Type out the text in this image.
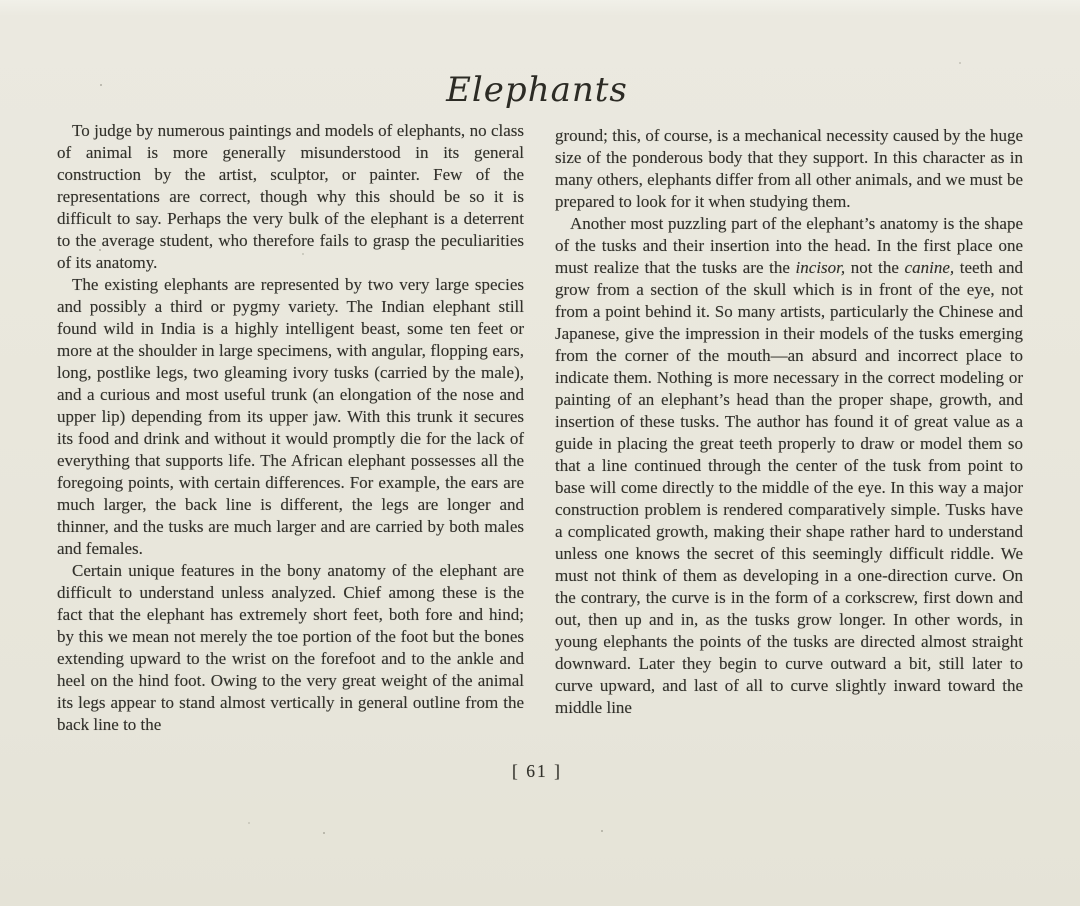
Elephants

To judge by numerous paintings and models of elephants, no class of animal is more generally misunderstood in its general construction by the artist, sculptor, or painter. Few of the representations are correct, though why this should be so it is difficult to say. Perhaps the very bulk of the elephant is a deterrent to the average student, who therefore fails to grasp the peculiarities of its anatomy.

The existing elephants are represented by two very large species and possibly a third or pygmy variety. The Indian elephant still found wild in India is a highly intelligent beast, some ten feet or more at the shoulder in large specimens, with angular, flopping ears, long, postlike legs, two gleaming ivory tusks (carried by the male), and a curious and most useful trunk (an elongation of the nose and upper lip) depending from its upper jaw. With this trunk it secures its food and drink and without it would promptly die for the lack of everything that supports life. The African elephant possesses all the foregoing points, with certain differences. For example, the ears are much larger, the back line is different, the legs are longer and thinner, and the tusks are much larger and are carried by both males and females.

Certain unique features in the bony anatomy of the elephant are difficult to understand unless analyzed. Chief among these is the fact that the elephant has extremely short feet, both fore and hind; by this we mean not merely the toe portion of the foot but the bones extending upward to the wrist on the forefoot and to the ankle and heel on the hind foot. Owing to the very great weight of the animal its legs appear to stand almost vertically in general outline from the back line to the

ground; this, of course, is a mechanical necessity caused by the huge size of the ponderous body that they support. In this character as in many others, elephants differ from all other animals, and we must be prepared to look for it when studying them.

Another most puzzling part of the elephant’s anatomy is the shape of the tusks and their insertion into the head. In the first place one must realize that the tusks are the incisor, not the canine, teeth and grow from a section of the skull which is in front of the eye, not from a point behind it. So many artists, particularly the Chinese and Japanese, give the impression in their models of the tusks emerging from the corner of the mouth—an absurd and incorrect place to indicate them. Nothing is more necessary in the correct modeling or painting of an elephant’s head than the proper shape, growth, and insertion of these tusks. The author has found it of great value as a guide in placing the great teeth properly to draw or model them so that a line continued through the center of the tusk from point to base will come directly to the middle of the eye. In this way a major construction problem is rendered comparatively simple. Tusks have a complicated growth, making their shape rather hard to understand unless one knows the secret of this seemingly difficult riddle. We must not think of them as developing in a one-direction curve. On the contrary, the curve is in the form of a corkscrew, first down and out, then up and in, as the tusks grow longer. In other words, in young elephants the points of the tusks are directed almost straight downward. Later they begin to curve outward a bit, still later to curve upward, and last of all to curve slightly inward toward the middle line

[ 61 ]
